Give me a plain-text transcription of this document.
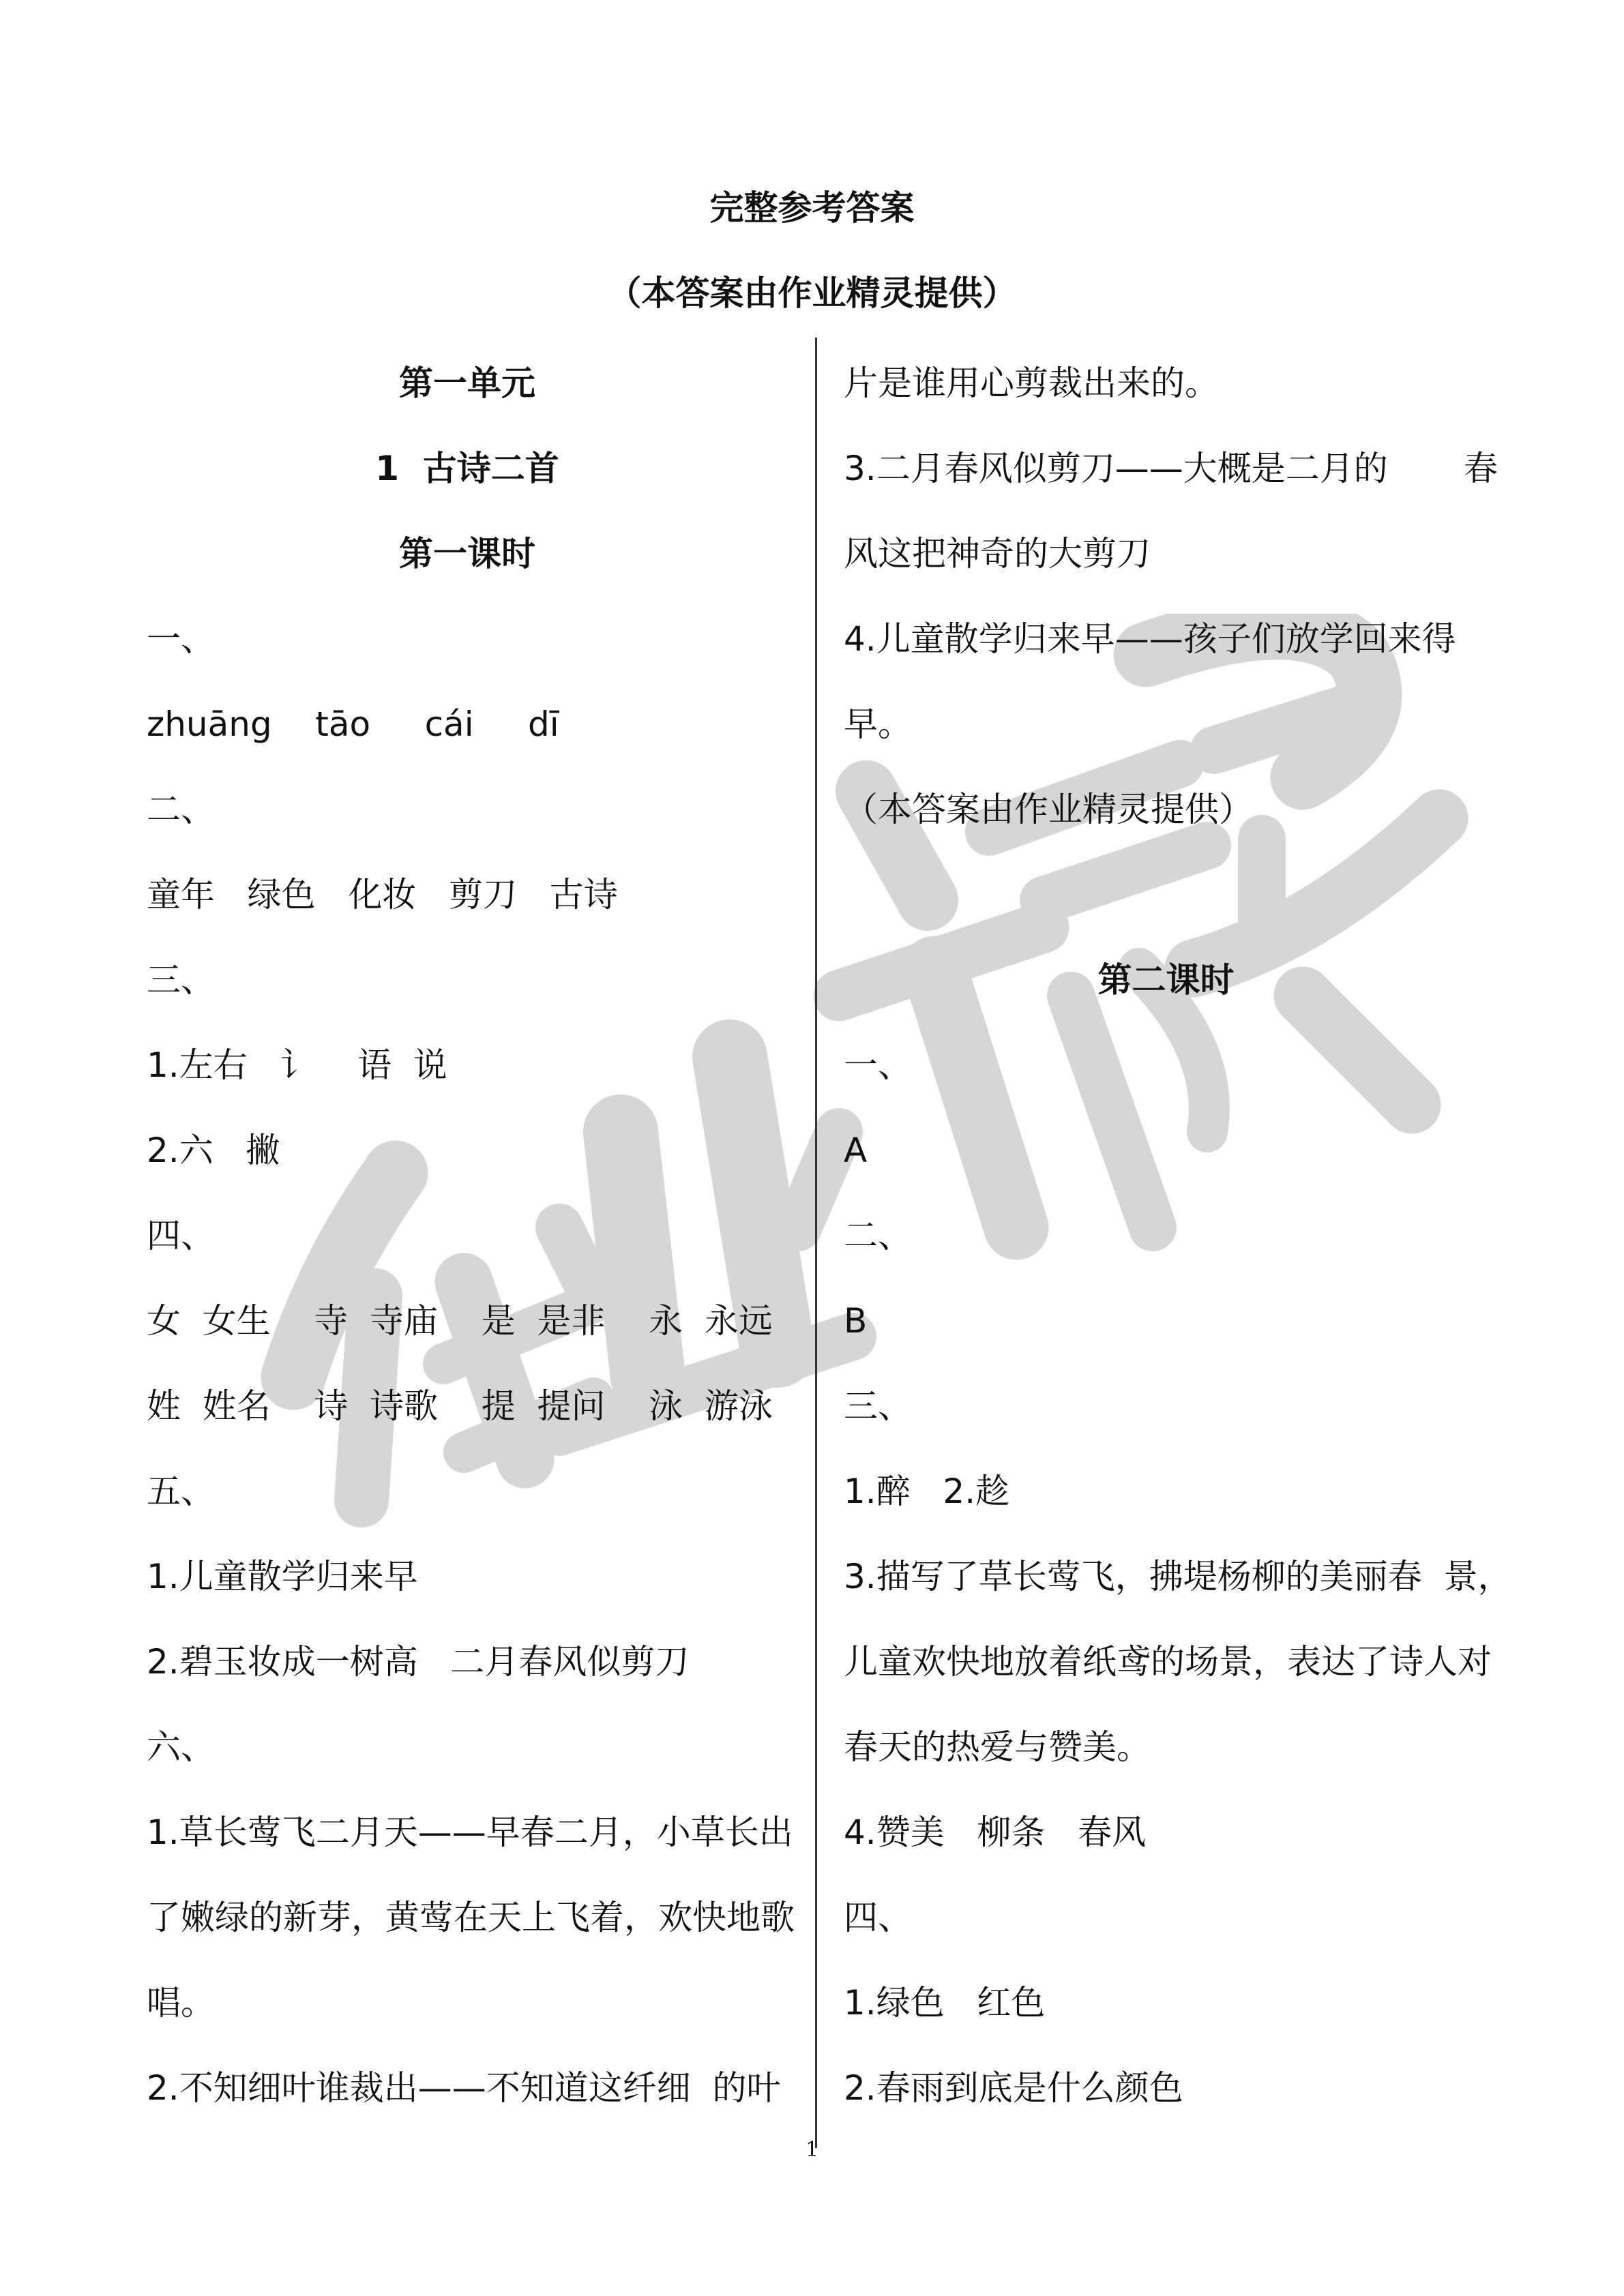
完整参考答案
（本答案由作业精灵提供）
第一单元
1  古诗二首
第一课时
一、
zhuāng    tāo     cái     dī
二、
童年   绿色   化妆   剪刀   古诗
三、
1.左右   讠    语  说
2.六   撇
四、
女  女生    寺  寺庙    是  是非    永  永远
姓  姓名    诗  诗歌    提  提问    泳  游泳
五、
1.儿童散学归来早
2.碧玉妆成一树高   二月春风似剪刀
六、
1.草长莺飞二月天——早春二月，小草长出
了嫩绿的新芽，黄莺在天上飞着，欢快地歌
唱。
2.不知细叶谁裁出——不知道这纤细  的叶
片是谁用心剪裁出来的。
3.二月春风似剪刀——大概是二月的       春
风这把神奇的大剪刀
4.儿童散学归来早——孩子们放学回来得
早。
（本答案由作业精灵提供）
第二课时
一、
A
二、
B
三、
1.醉   2.趁
3.描写了草长莺飞，拂堤杨柳的美丽春  景，
儿童欢快地放着纸鸢的场景，表达了诗人对
春天的热爱与赞美。
4.赞美   柳条   春风
四、
1.绿色   红色
2.春雨到底是什么颜色
1
